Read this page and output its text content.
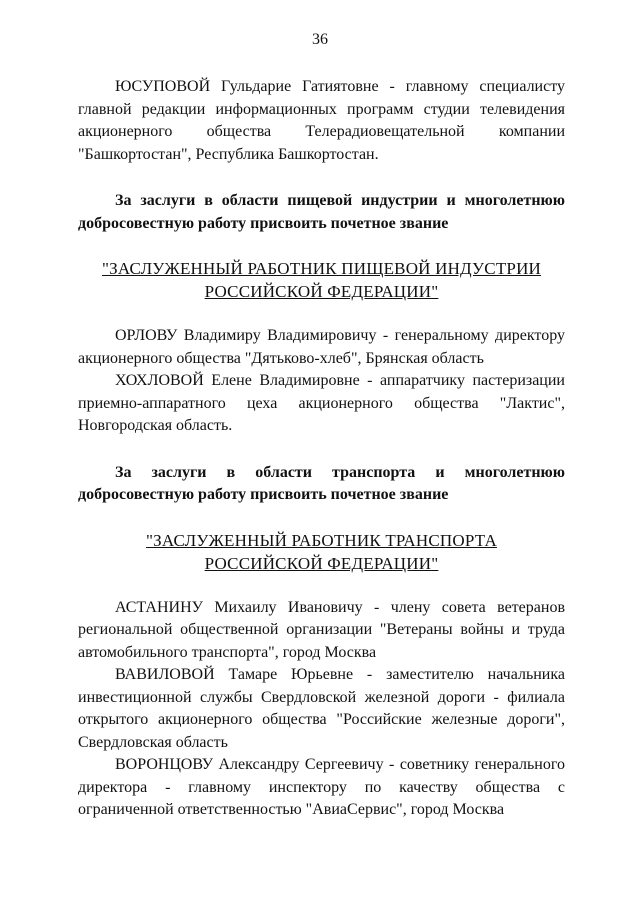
36

ЮСУПОВОЙ Гульдарие Гатиятовне - главному специалисту главной редакции информационных программ студии телевидения акционерного общества Телерадиовещательной компании "Башкортостан", Республика Башкортостан.

За заслуги в области пищевой индустрии и многолетнюю добросовестную работу присвоить почетное звание

"ЗАСЛУЖЕННЫЙ РАБОТНИК ПИЩЕВОЙ ИНДУСТРИИ
РОССИЙСКОЙ ФЕДЕРАЦИИ"

ОРЛОВУ Владимиру Владимировичу - генеральному директору акционерного общества "Дятьково-хлеб", Брянская область

ХОХЛОВОЙ Елене Владимировне - аппаратчику пастеризации приемно-аппаратного цеха акционерного общества "Лактис", Новгородская область.

За заслуги в области транспорта и многолетнюю добросовестную работу присвоить почетное звание

"ЗАСЛУЖЕННЫЙ РАБОТНИК ТРАНСПОРТА
РОССИЙСКОЙ ФЕДЕРАЦИИ"

АСТАНИНУ Михаилу Ивановичу - члену совета ветеранов региональной общественной организации "Ветераны войны и труда автомобильного транспорта", город Москва

ВАВИЛОВОЙ Тамаре Юрьевне - заместителю начальника инвестиционной службы Свердловской железной дороги - филиала открытого акционерного общества "Российские железные дороги", Свердловская область

ВОРОНЦОВУ Александру Сергеевичу - советнику генерального директора - главному инспектору по качеству общества с ограниченной ответственностью "АвиаСервис", город Москва
